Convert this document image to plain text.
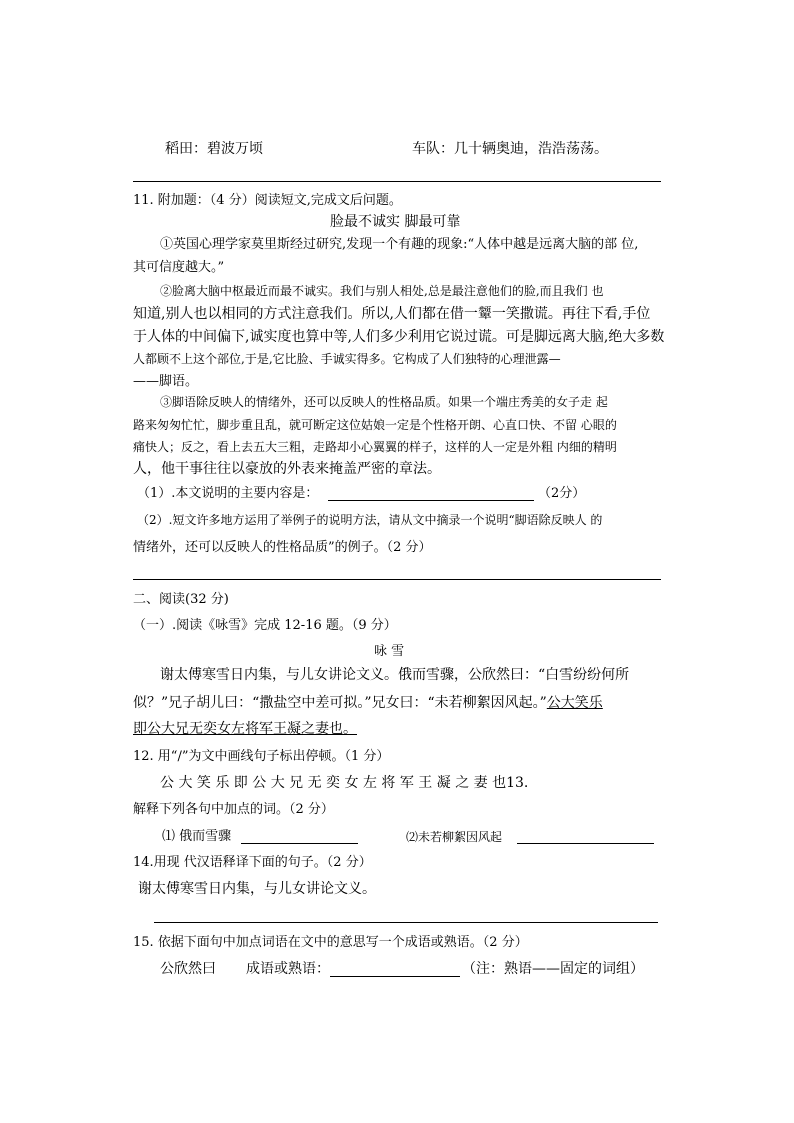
稻田：碧波万顷	车队：几十辆奥迪，浩浩荡荡。
11. 附加题：（4 分）阅读短文,完成文后问题。
脸最不诚实 脚最可靠
①英国心理学家莫里斯经过研究,发现一个有趣的现象:“人体中越是远离大脑的部 位,
其可信度越大。”
②脸离大脑中枢最近而最不诚实。我们与别人相处,总是最注意他们的脸,而且我们 也
知道,别人也以相同的方式注意我们。所以,人们都在借一颦一笑撒谎。再往下看,手位
于人体的中间偏下,诚实度也算中等,人们多少利用它说过谎。可是脚远离大脑,绝大多数
人都顾不上这个部位,于是,它比脸、手诚实得多。它构成了人们独特的心理泄露—
——脚语。
③脚语除反映人的情绪外，还可以反映人的性格品质。如果一个端庄秀美的女子走 起
路来匆匆忙忙，脚步重且乱，就可断定这位姑娘一定是个性格开朗、心直口快、不留 心眼的
痛快人；反之，看上去五大三粗，走路却小心翼翼的样子，这样的人一定是外粗 内细的精明
人，他干事往往以豪放的外表来掩盖严密的章法。
（1）.本文说明的主要内容是：	（2分）
（2）.短文许多地方运用了举例子的说明方法，请从文中摘录一个说明“脚语除反映人 的
情绪外，还可以反映人的性格品质”的例子。（2 分）
二、阅读(32 分)
（一）.阅读《咏雪》完成 12-16 题。（9 分）
咏 雪
谢太傅寒雪日内集，与儿女讲论文义。俄而雪骤，公欣然曰：“白雪纷纷何所
似？”兄子胡儿曰：“撒盐空中差可拟。”兄女曰：“未若柳絮因风起。”公大笑乐
即公大兄无奕女左将军王凝之妻也。
12. 用“/”为文中画线句子标出停顿。（1 分）
公 大 笑 乐 即 公 大 兄 无 奕 女 左 将 军 王 凝 之 妻 也13.
解释下列各句中加点的词。（2 分）
⑴ 俄而雪骤	⑵未若柳絮因风起
14.用现 代汉语释译下面的句子。（2 分）
谢太傅寒雪日内集，与儿女讲论文义。
15. 依据下面句中加点词语在文中的意思写一个成语或熟语。（2 分）
公欣然曰 成语或熟语：	（注：熟语——固定的词组）
